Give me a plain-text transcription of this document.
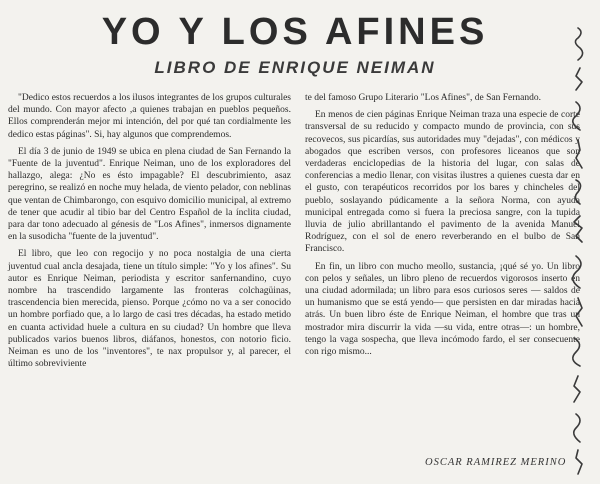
YO Y LOS AFINES
LIBRO DE ENRIQUE NEIMAN

"Dedico estos recuerdos a los ilusos integrantes de los grupos culturales del mundo. Con mayor afecto ,a quienes trabajan en pueblos pequeños. Ellos comprenderán mejor mi intención, del por qué tan cordialmente les dedico estas páginas". Si, hay algunos que comprendemos.

El día 3 de junio de 1949 se ubica en plena ciudad de San Fernando la "Fuente de la juventud". Enrique Neiman, uno de los exploradores del hallazgo, alega: ¿No es ésto impagable? El descubrimiento, asaz peregrino, se realizó en noche muy helada, de viento pelador, con neblinas que ventan de Chimbarongo, con esquivo domicilio municipal, al extremo de tener que acudir al tibio bar del Centro Español de la ínclita ciudad, para dar tono adecuado al génesis de "Los Afines", inmersos dignamente en la susodicha "fuente de la juventud".

El libro, que leo con regocijo y no poca nostalgia de una cierta juventud cual ancla desajada, tiene un título simple: "Yo y los afines". Su autor es Enrique Neiman, periodista y escritor sanfernandino, cuyo nombre ha trascendido largamente las fronteras colchagüinas, trascendencia bien merecida, pienso. Porque ¿cómo no va a ser conocido un hombre porfiado que, a lo largo de casi tres décadas, ha estado metido en cuanta actividad huele a cultura en su ciudad? Un hombre que lleva publicados varios buenos libros, diáfanos, honestos, con notorio ficio. Neiman es uno de los "inventores", te nax propulsor y, al parecer, el último sobreviviente

te del famoso Grupo Literario "Los Afines", de San Fernando.

En menos de cien páginas Enrique Neiman traza una especie de corte transversal de su reducido y compacto mundo de provincia, con sus recovecos, sus picardías, sus autoridades muy "dejadas", con médicos y abogados que escriben versos, con profesores liceanos que son verdaderas enciclopedias de la historia del lugar, con salas de conferencias a medio llenar, con visitas ilustres a quienes cuesta dar en el gusto, con terapéuticos recorridos por los bares y chincheles del pueblo, soslayando púdicamente a la señora Norma, con ayuda municipal entregada como si fuera la preciosa sangre, con la tupida lluvia de julio abrillantando el pavimento de la avenida Manuel Rodríguez, con el sol de enero reverberando en el bulbo de San Francisco.

En fin, un libro con mucho meollo, sustancia, ¡qué sé yo. Un libro con pelos y señales, un libro pleno de recuerdos vigorosos inserto en una ciudad adormilada; un libro para esos curiosos seres — saldos de un humanismo que se está yendo— que persisten en dar miradas hacia atrás. Un buen libro éste de Enrique Neiman, el hombre que tras un mostrador mira discurrir la vida —su vida, entre otras—: un hombre, tengo la vaga sospecha, que lleva incómodo fardo, el ser consecuente con rigo mismo...

OSCAR RAMIREZ MERINO
